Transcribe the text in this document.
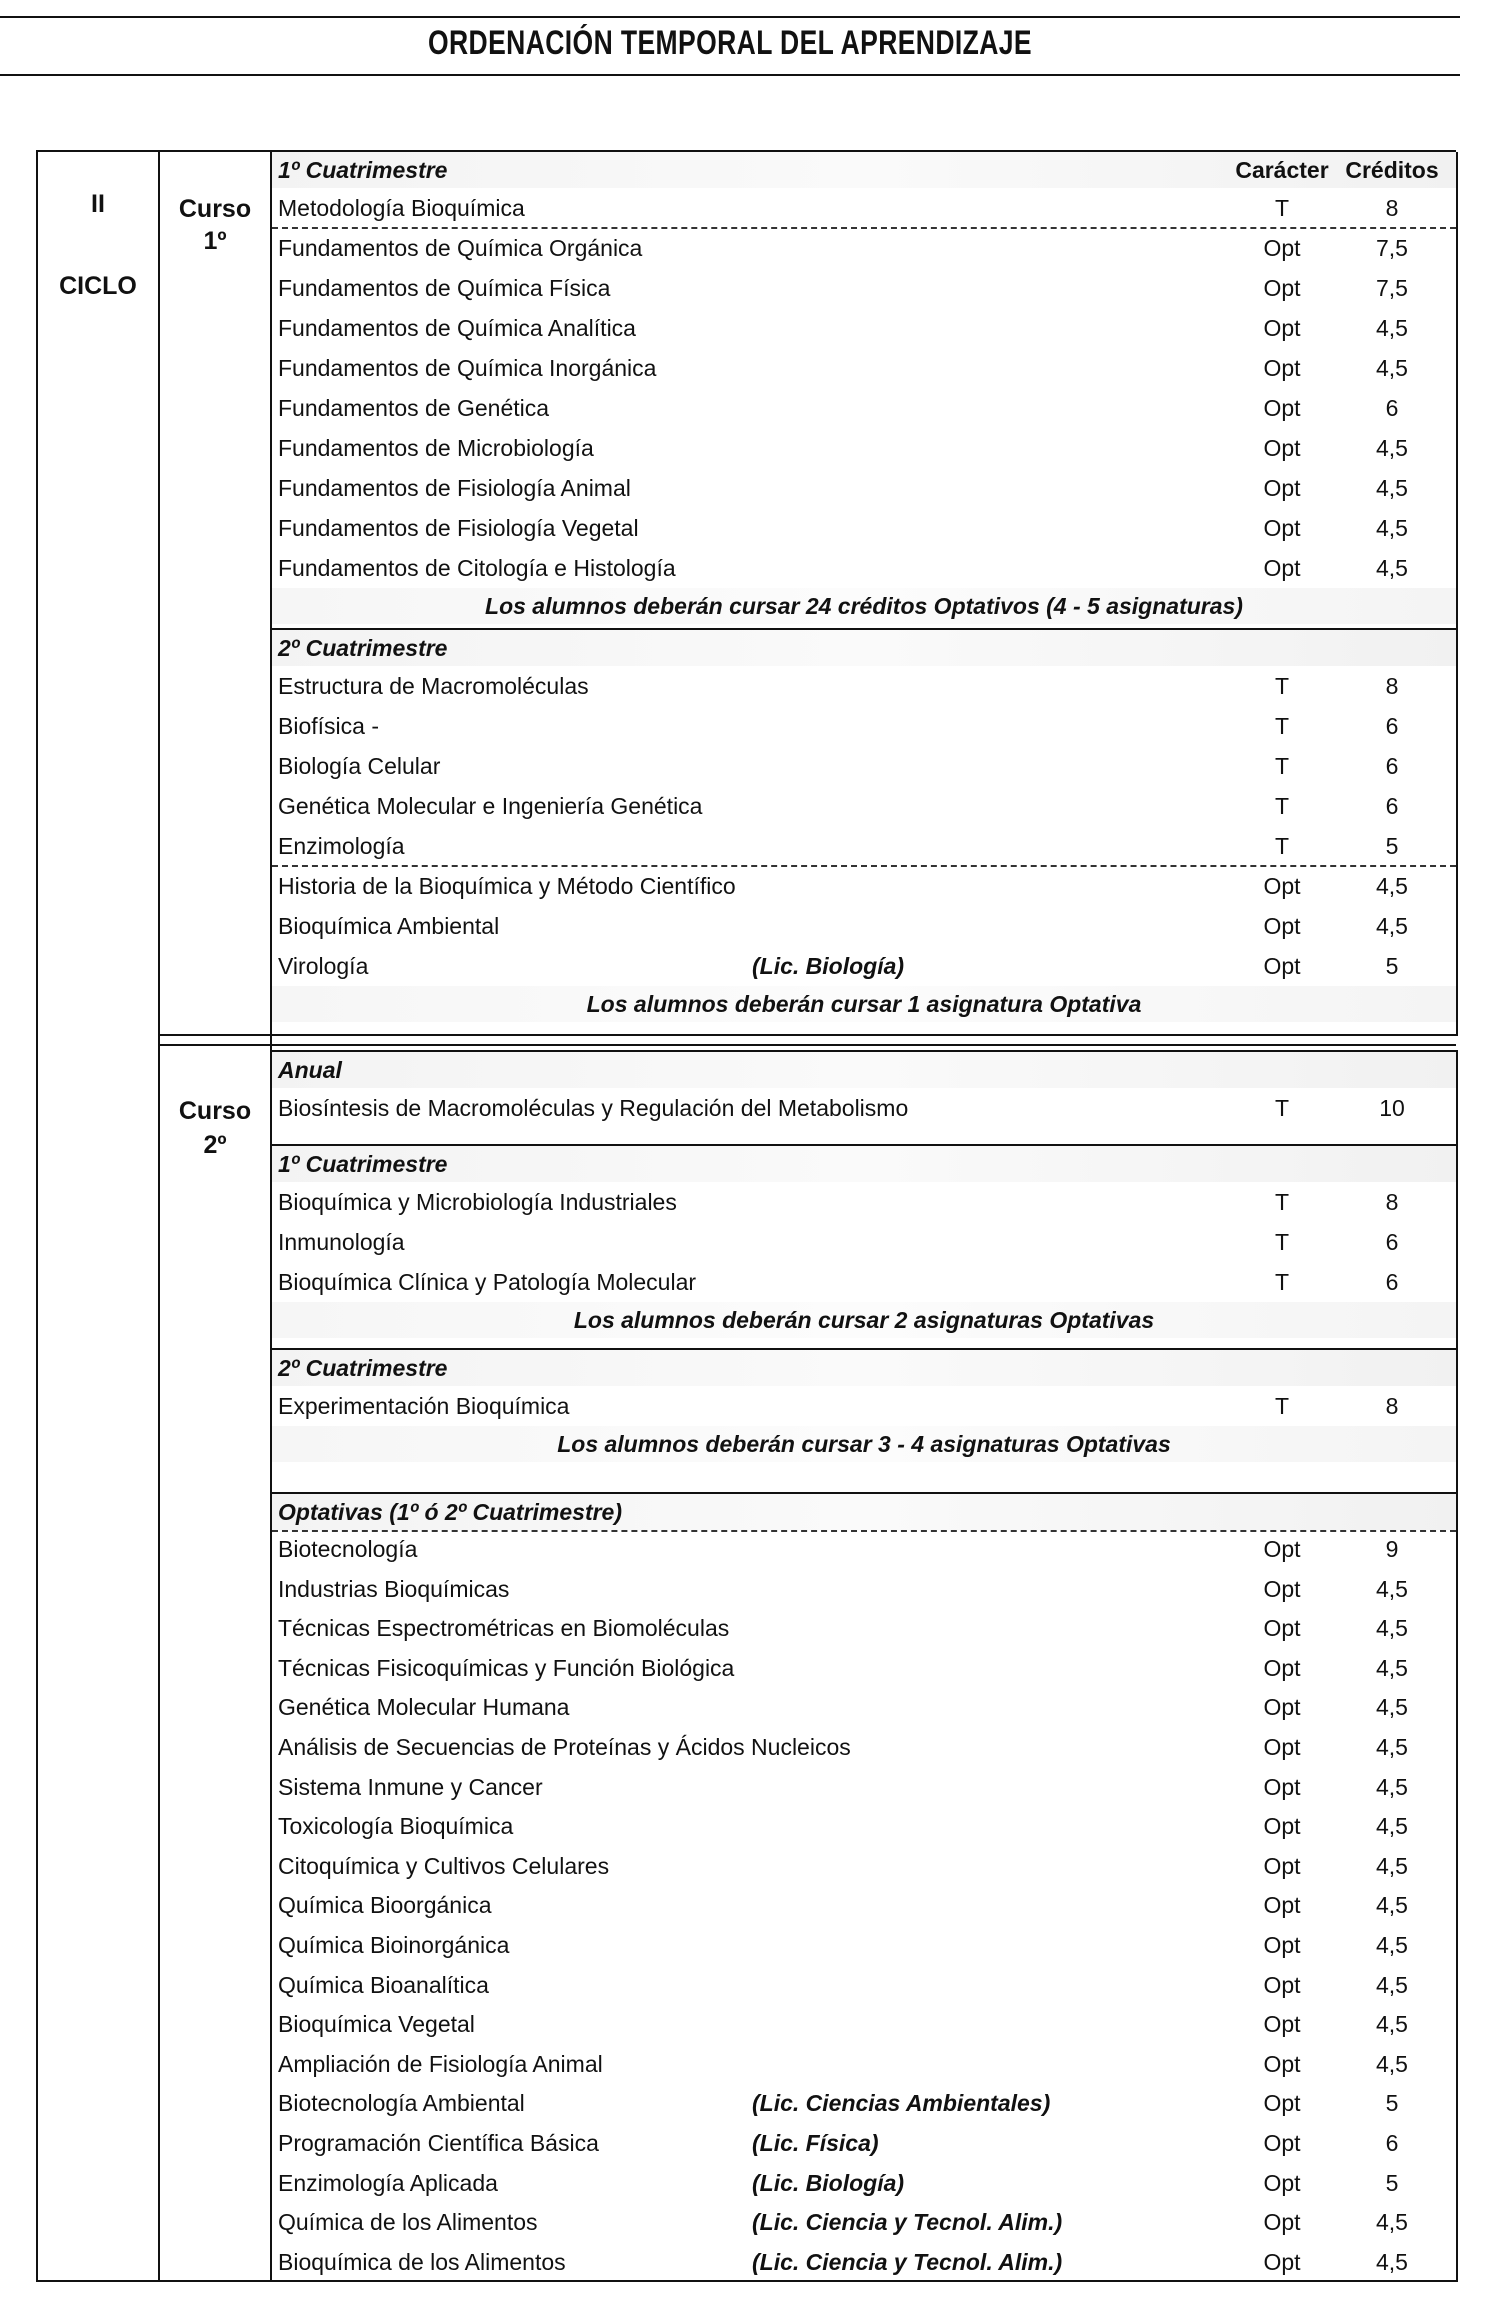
ORDENACIÓN TEMPORAL DEL APRENDIZAJE
II
CICLO
Curso
1º
Curso
2º
1º Cuatrimestre	Carácter Créditos
Metodología Bioquímica	T	8
Fundamentos de Química Orgánica	Opt	7,5
Fundamentos de Química Física	Opt	7,5
Fundamentos de Química Analítica	Opt	4,5
Fundamentos de Química Inorgánica	Opt	4,5
Fundamentos de Genética	Opt	6
Fundamentos de Microbiología	Opt	4,5
Fundamentos de Fisiología Animal	Opt	4,5
Fundamentos de Fisiología Vegetal	Opt	4,5
Fundamentos de Citología e Histología	Opt	4,5
Los alumnos deberán cursar 24 créditos Optativos (4 - 5 asignaturas)
2º Cuatrimestre
Estructura de Macromoléculas	T	8
Biofísica -	T	6
Biología Celular	T	6
Genética Molecular e Ingeniería Genética	T	6
Enzimología	T	5
Historia de la Bioquímica y Método Científico	Opt	4,5
Bioquímica Ambiental	Opt	4,5
Virología	(Lic. Biología)	Opt	5
Los alumnos deberán cursar 1 asignatura Optativa
Anual
Biosíntesis de Macromoléculas y Regulación del Metabolismo	T	10
1º Cuatrimestre
Bioquímica y Microbiología Industriales	T	8
Inmunología	T	6
Bioquímica Clínica y Patología Molecular	T	6
Los alumnos deberán cursar 2 asignaturas Optativas
2º Cuatrimestre
Experimentación Bioquímica	T	8
Los alumnos deberán cursar 3 - 4 asignaturas Optativas
Optativas (1º ó 2º Cuatrimestre)
Biotecnología	Opt	9
Industrias Bioquímicas	Opt	4,5
Técnicas Espectrométricas en Biomoléculas	Opt	4,5
Técnicas Fisicoquímicas y Función Biológica	Opt	4,5
Genética Molecular Humana	Opt	4,5
Análisis de Secuencias de Proteínas y Ácidos Nucleicos	Opt	4,5
Sistema Inmune y Cancer	Opt	4,5
Toxicología Bioquímica	Opt	4,5
Citoquímica y Cultivos Celulares	Opt	4,5
Química Bioorgánica	Opt	4,5
Química Bioinorgánica	Opt	4,5
Química Bioanalítica	Opt	4,5
Bioquímica Vegetal	Opt	4,5
Ampliación de Fisiología Animal	Opt	4,5
Biotecnología Ambiental	(Lic. Ciencias Ambientales)	Opt	5
Programación Científica Básica	(Lic. Física)	Opt	6
Enzimología Aplicada	(Lic. Biología)	Opt	5
Química de los Alimentos	(Lic. Ciencia y Tecnol. Alim.)	Opt	4,5
Bioquímica de los Alimentos	(Lic. Ciencia y Tecnol. Alim.)	Opt	4,5
